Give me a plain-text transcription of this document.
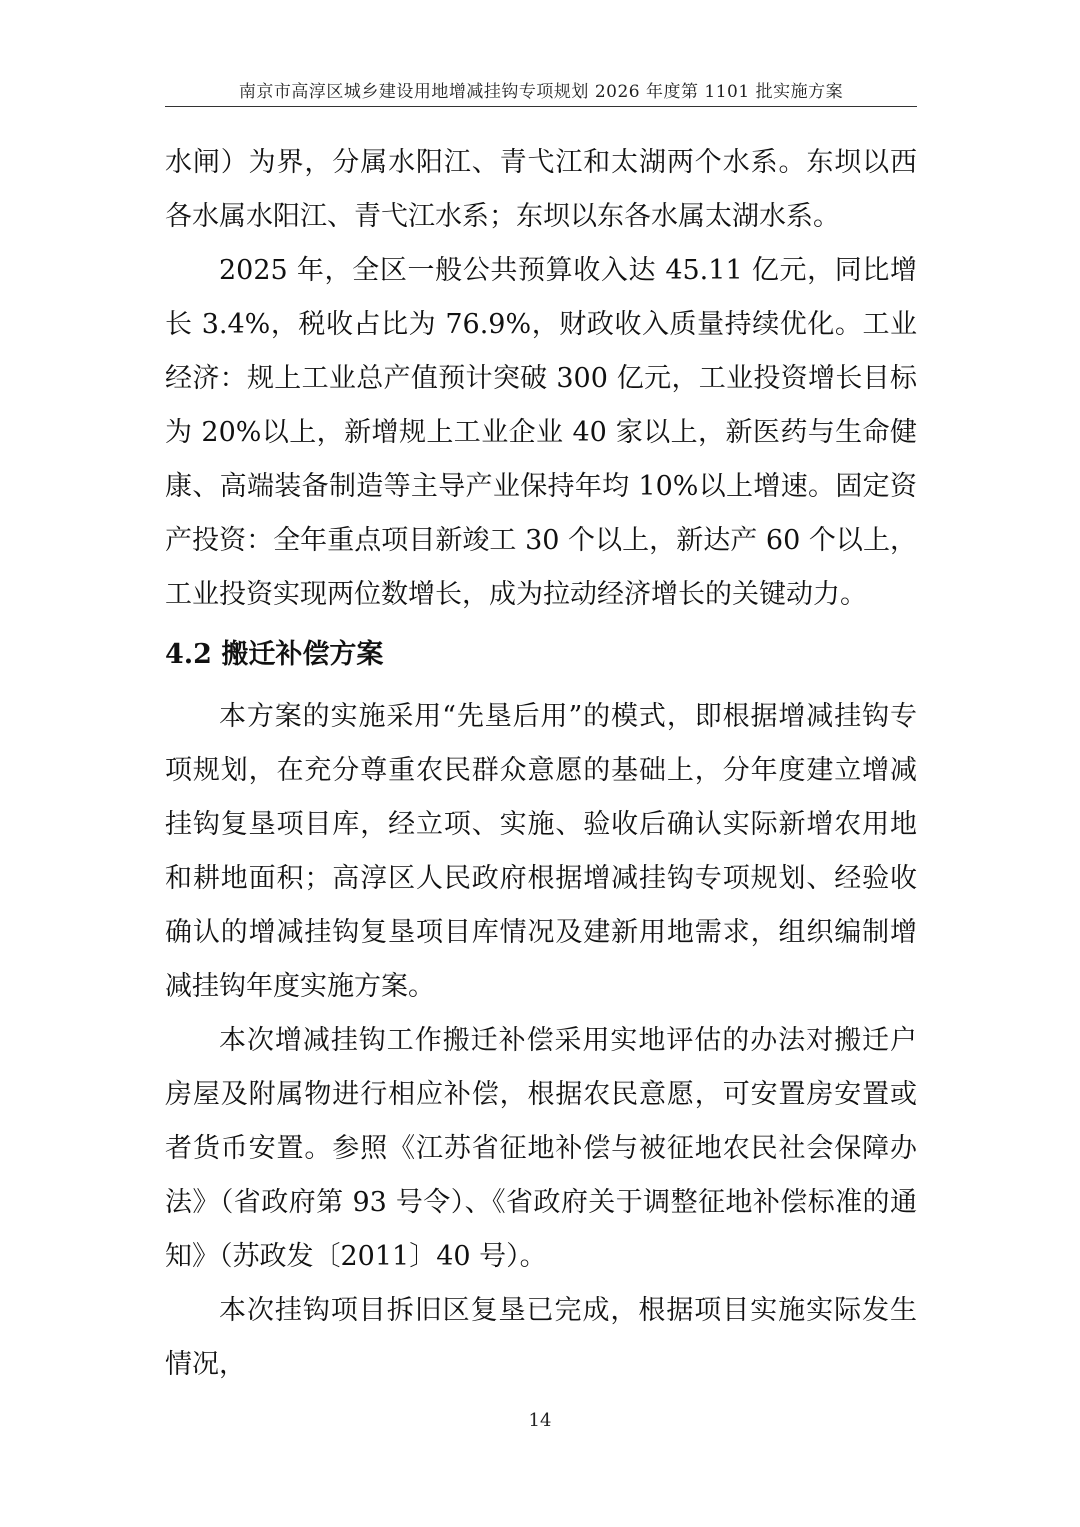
南京市高淳区城乡建设用地增减挂钩专项规划 2026 年度第 1101 批实施方案

水闸）为界，分属水阳江、青弋江和太湖两个水系。东坝以西各水属水阳江、青弋江水系；东坝以东各水属太湖水系。

2025 年，全区一般公共预算收入达 45.11 亿元，同比增长 3.4%，税收占比为 76.9%，财政收入质量持续优化。工业经济：规上工业总产值预计突破 300 亿元，工业投资增长目标为 20%以上，新增规上工业企业 40 家以上，新医药与生命健康、高端装备制造等主导产业保持年均 10%以上增速。固定资产投资：全年重点项目新竣工 30 个以上，新达产 60 个以上，工业投资实现两位数增长，成为拉动经济增长的关键动力。

4.2 搬迁补偿方案

本方案的实施采用“先垦后用”的模式，即根据增减挂钩专项规划，在充分尊重农民群众意愿的基础上，分年度建立增减挂钩复垦项目库，经立项、实施、验收后确认实际新增农用地和耕地面积；高淳区人民政府根据增减挂钩专项规划、经验收确认的增减挂钩复垦项目库情况及建新用地需求，组织编制增减挂钩年度实施方案。

本次增减挂钩工作搬迁补偿采用实地评估的办法对搬迁户房屋及附属物进行相应补偿，根据农民意愿，可安置房安置或者货币安置。参照《江苏省征地补偿与被征地农民社会保障办法》（省政府第 93 号令）、《省政府关于调整征地补偿标准的通知》（苏政发〔2011〕40 号）。

本次挂钩项目拆旧区复垦已完成，根据项目实施实际发生情况，

14
